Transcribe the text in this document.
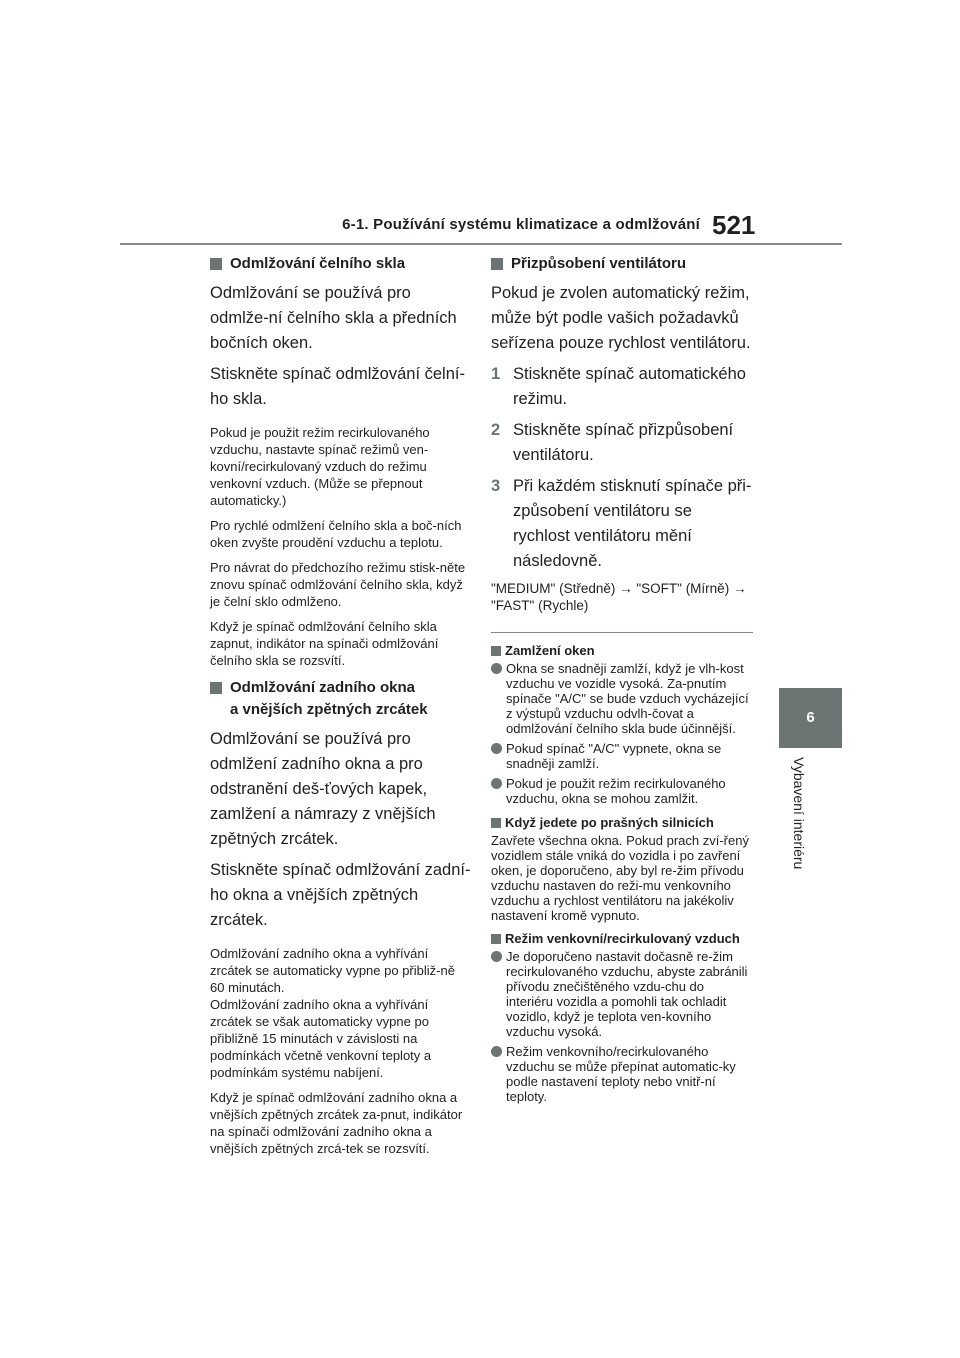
6-1. Používání systému klimatizace a odmlžování 521
6
Vybavení interiéru
Odmlžování čelního skla

Odmlžování se používá pro odmlže-ní čelního skla a předních bočních oken.

Stiskněte spínač odmlžování čelní-ho skla.

Pokud je použit režim recirkulovaného vzduchu, nastavte spínač režimů ven-kovní/recirkulovaný vzduch do režimu venkovní vzduch. (Může se přepnout automaticky.)

Pro rychlé odmlžení čelního skla a boč-ních oken zvyšte proudění vzduchu a teplotu.

Pro návrat do předchozího režimu stisk-něte znovu spínač odmlžování čelního skla, když je čelní sklo odmlženo.

Když je spínač odmlžování čelního skla zapnut, indikátor na spínači odmlžování čelního skla se rozsvítí.

Odmlžování zadního okna
a vnějších zpětných zrcátek

Odmlžování se používá pro odmlžení zadního okna a pro odstranění deš-ťových kapek, zamlžení a námrazy z vnějších zpětných zrcátek.

Stiskněte spínač odmlžování zadní-ho okna a vnějších zpětných zrcátek.

Odmlžování zadního okna a vyhřívání zrcátek se automaticky vypne po přibliž-ně 60 minutách.

Odmlžování zadního okna a vyhřívání zrcátek se však automaticky vypne po přibližně 15 minutách v závislosti na podmínkách včetně venkovní teploty a podmínkám systému nabíjení.

Když je spínač odmlžování zadního okna a vnějších zpětných zrcátek za-pnut, indikátor na spínači odmlžování zadního okna a vnějších zpětných zrcá-tek se rozsvítí.

Přizpůsobení ventilátoru

Pokud je zvolen automatický režim, může být podle vašich požadavků seřízena pouze rychlost ventilátoru.

1 Stiskněte spínač automatického režimu.
2 Stiskněte spínač přizpůsobení ventilátoru.
3 Při každém stisknutí spínače při-způsobení ventilátoru se rychlost ventilátoru mění následovně.

"MEDIUM" (Středně) → "SOFT" (Mírně) → "FAST" (Rychle)

Zamlžení oken
Okna se snadněji zamlží, když je vlh-kost vzduchu ve vozidle vysoká. Za-pnutím spínače "A/C" se bude vzduch vycházející z výstupů vzduchu odvlh-čovat a odmlžování čelního skla bude účinnější.
Pokud spínač "A/C" vypnete, okna se snadněji zamlží.
Pokud je použit režim recirkulovaného vzduchu, okna se mohou zamlžit.
Když jedete po prašných silnicích

Zavřete všechna okna. Pokud prach zví-řený vozidlem stále vniká do vozidla i po zavření oken, je doporučeno, aby byl re-žim přívodu vzduchu nastaven do reži-mu venkovního vzduchu a rychlost ventilátoru na jakékoliv nastavení kromě vypnuto.

Režim venkovní/recirkulovaný vzduch
Je doporučeno nastavit dočasně re-žim recirkulovaného vzduchu, abyste zabránili přívodu znečištěného vzdu-chu do interiéru vozidla a pomohli tak ochladit vozidlo, když je teplota ven-kovního vzduchu vysoká.
Režim venkovního/recirkulovaného vzduchu se může přepínat automatic-ky podle nastavení teploty nebo vnitř-ní teploty.
